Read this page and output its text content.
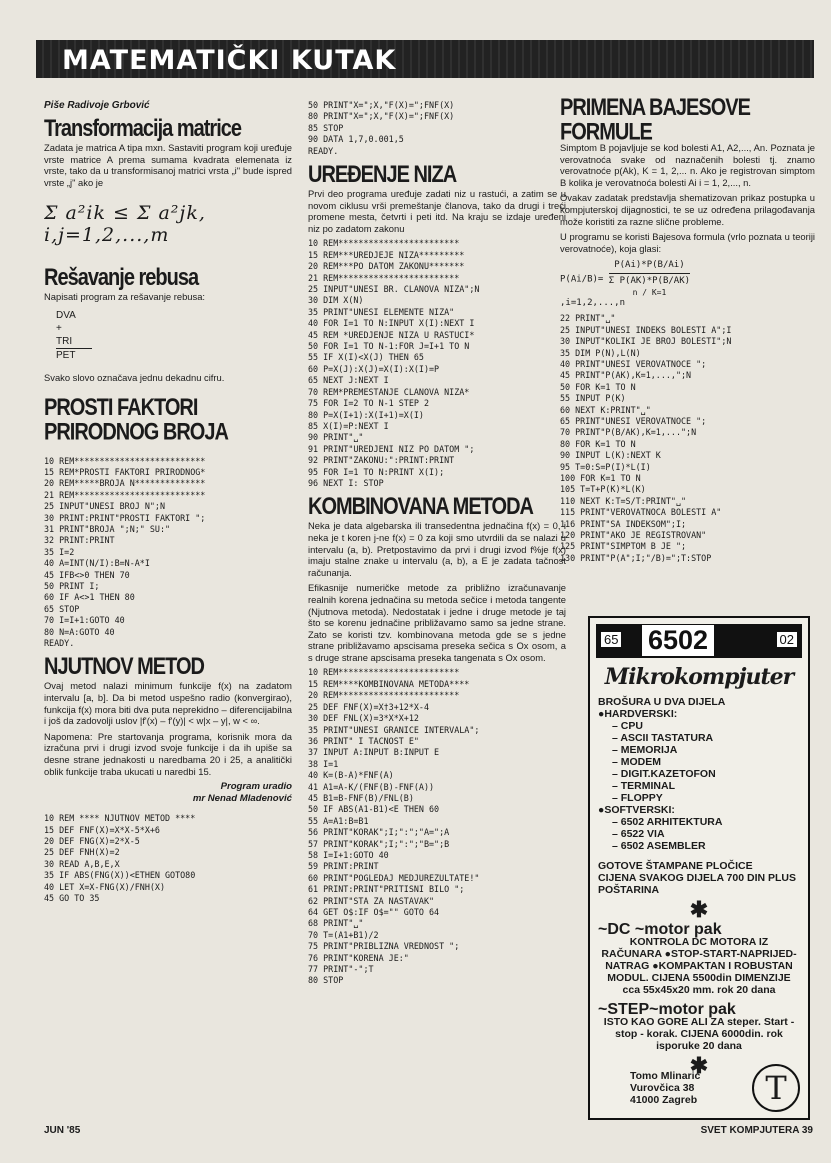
MATEMATIČKI KUTAK
Piše Radivoje Grbović
Transformacija matrice

Zadata je matrica A tipa mxn. Sastaviti program koji uređuje vrste matrice A prema sumama kvadrata elemenata iz vrste, tako da u transformisanoj matrici vrsta „i" bude ispred vrste „j" ako je

Σ a²ik ≤ Σ a²jk, i,j=1,2,...,m
Rešavanje rebusa

Napisati program za rešavanje rebusa:

DVA
+
TRI
PET

Svako slovo označava jednu dekadnu cifru.

PROSTI FAKTORI PRIRODNOG BROJA
10 REM**************************
15 REM*PROSTI FAKTORI PRIRODNOG*
20 REM*****BROJA N**************
21 REM**************************
25 INPUT"UNESI BROJ N";N
30 PRINT:PRINT"PROSTI FAKTORI ";
31 PRINT"BROJA ";N;" SU:"
32 PRINT:PRINT
35 I=2
40 A=INT(N/I):B=N-A*I
45 IFB<>0 THEN 70
50 PRINT I;
60 IF A<>1 THEN 80
65 STOP
70 I=I+1:GOTO 40
80 N=A:GOTO 40
READY.
NJUTNOV METOD

Ovaj metod nalazi minimum funkcije f(x) na zadatom intervalu [a, b]. Da bi metod uspešno radio (konvergirao), funkcija f(x) mora biti dva puta neprekidno – diferencijabilna i još da zadovolji uslov |f'(x) – f'(y)| < w|x – y|, w < ∞.

Napomena: Pre startovanja programa, korisnik mora da izračuna prvi i drugi izvod svoje funkcije i da ih upiše sa desne strane jednakosti u naredbama 20 i 25, a analitički oblik funkcije traba ukucati u naredbi 15.

Program uradio
mr Nenad Mladenović
10 REM **** NJUTNOV METOD ****
15 DEF FNF(X)=X*X-5*X+6
20 DEF FNG(X)=2*X-5
25 DEF FNH(X)=2
30 READ A,B,E,X
35 IF ABS(FNG(X))<ETHEN GOTO80
40 LET X=X-FNG(X)/FNH(X)
45 GO TO 35
50 PRINT"X=";X,"F(X)=";FNF(X)
80 PRINT"X=";X,"F(X)=";FNF(X)
85 STOP
90 DATA 1,7,0.001,5
READY.
UREĐENJE NIZA

Prvi deo programa uređuje zadati niz u rastući, a zatim se u novom ciklusu vrši premeštanje članova, tako da drugi i treći promene mesta, četvrti i peti itd. Na kraju se izdaje uređeni niz po zadatom zakonu

10 REM************************
15 REM***UREDJEJE NIZA*********
20 REM***PO DATOM ZAKONU*******
21 REM************************
25 INPUT"UNESI BR. CLANOVA NIZA";N
30 DIM X(N)
35 PRINT"UNESI ELEMENTE NIZA"
40 FOR I=1 TO N:INPUT X(I):NEXT I
45 REM *UREDJENJE NIZA U RASTUCI*
50 FOR I=1 TO N-1:FOR J=I+1 TO N
55 IF X(I)<X(J) THEN 65
60 P=X(J):X(J)=X(I):X(I)=P
65 NEXT J:NEXT I
70 REM*PREMESTANJE CLANOVA NIZA*
75 FOR I=2 TO N-1 STEP 2
80 P=X(I+1):X(I+1)=X(I)
85 X(I)=P:NEXT I
90 PRINT"␣"
91 PRINT"UREDJENI NIZ PO DATOM ";
92 PRINT"ZAKONU:":PRINT:PRINT
95 FOR I=1 TO N:PRINT X(I);
96 NEXT I: STOP
KOMBINOVANA METODA

Neka je data algebarska ili transedentna jednačina f(x) = 0, i neka je t koren j-ne f(x) = 0 za koji smo utvrdili da se nalazi u intervalu (a, b). Pretpostavimo da prvi i drugi izvod f%je f(x) imaju stalne znake u intervalu (a, b), a E je zadata tačnost računanja.

Efikasnije numeričke metode za približno izračunavanje realnih korena jednačina su metoda sečice i metoda tangente (Njutnova metoda). Nedostatak i jedne i druge metode je taj što se korenu jednačine približavamo samo sa jedne strane. Zato se koristi tzv. kombinovana metoda gde se s jedne strane približavamo apscisama preseka sečica s Ox osom, a s druge strane apscisama preseka tangenata s Ox osom.

10 REM************************
15 REM****KOMBINOVANA METODA****
20 REM************************
25 DEF FNF(X)=X†3+12*X-4
30 DEF FNL(X)=3*X*X+12
35 PRINT"UNESI GRANICE INTERVALA";
36 PRINT" I TACNOST E"
37 INPUT A:INPUT B:INPUT E
38 I=1
40 K=(B-A)*FNF(A)
41 A1=A-K/(FNF(B)-FNF(A))
45 B1=B-FNF(B)/FNL(B)
50 IF ABS(A1-B1)<E THEN 60
55 A=A1:B=B1
56 PRINT"KORAK";I;":";"A=";A
57 PRINT"KORAK";I;":";"B=";B
58 I=I+1:GOTO 40
59 PRINT:PRINT
60 PRINT"POGLEDAJ MEDJUREZULTATE!"
61 PRINT:PRINT"PRITISNI BILO ";
62 PRINT"STA ZA NASTAVAK"
64 GET O$:IF O$="" GOTO 64
68 PRINT"␣"
70 T=(A1+B1)/2
75 PRINT"PRIBLIZNA VREDNOST ";
76 PRINT"KORENA JE:"
77 PRINT"-";T
80 STOP
PRIMENA BAJESOVE FORMULE

Simptom B pojavljuje se kod bolesti A1, A2,..., An. Poznata je verovatnoća svake od naznačenih bolesti tj. znamo verovatnoće p(Ak), K = 1, 2,... n. Ako je registrovan simptom B kolika je verovatnoća bolesti Ai i = 1, 2,..., n.

Ovakav zadatak predstavlja shematizovan prikaz postupka u kompjuterskoj dijagnostici, te se uz određena prilagođavanja može koristiti za razne slične probleme.

U programu se koristi Bajesova formula (vrlo poznata u teoriji verovatnoće), koja glasi:

P(Ai/B)=
P(Ai)*P(B/Ai)
Σ P(AK)*P(B/AK)
n / K=1
,i=1,2,...,n
22 PRINT"␣"
25 INPUT"UNESI INDEKS BOLESTI A";I
30 INPUT"KOLIKI JE BROJ BOLESTI";N
35 DIM P(N),L(N)
40 PRINT"UNESI VEROVATNOCE ";
45 PRINT"P(AK),K=1,...,";N
50 FOR K=1 TO N
55 INPUT P(K)
60 NEXT K:PRINT"␣"
65 PRINT"UNESI VEROVATNOCE ";
70 PRINT"P(B/AK),K=1,...";N
80 FOR K=1 TO N
90 INPUT L(K):NEXT K
95 T=0:S=P(I)*L(I)
100 FOR K=1 TO N
105 T=T+P(K)*L(K)
110 NEXT K:T=S/T:PRINT"␣"
115 PRINT"VEROVATNOCA BOLESTI A"
116 PRINT"SA INDEKSOM";I;
120 PRINT"AKO JE REGISTROVAN"
125 PRINT"SIMPTOM B JE ";
130 PRINT"P(A";I;"/B)=";T:STOP
65 6502	02
Mikrokompjuter
BROŠURA U DVA DIJELA
●HARDVERSKI:
– CPU
– ASCII TASTATURA
– MEMORIJA
– MODEM
– DIGIT.KAZETOFON
– TERMINAL
– FLOPPY
●SOFTVERSKI:
– 6502 ARHITEKTURA
– 6522 VIA
– 6502 ASEMBLER
GOTOVE ŠTAMPANE PLOČICE
CIJENA SVAKOG DIJELA 700 DIN PLUS POŠTARINA
✱
~DC ~motor pak
KONTROLA DC MOTORA IZ RAČUNARA ●STOP-START-NAPRIJED-NATRAG ●KOMPAKTAN I ROBUSTAN MODUL. CIJENA 5500din DIMENZIJE cca 55x45x20 mm. rok 20 dana
~STEP~motor pak
ISTO KAO GORE ALI ZA steper. Start - stop - korak. CIJENA 6000din. rok isporuke 20 dana
✱
Tomo Mlinarić
Vurovčica 38
41000 Zagreb	T
JUN '85	SVET KOMPJUTERA 39
